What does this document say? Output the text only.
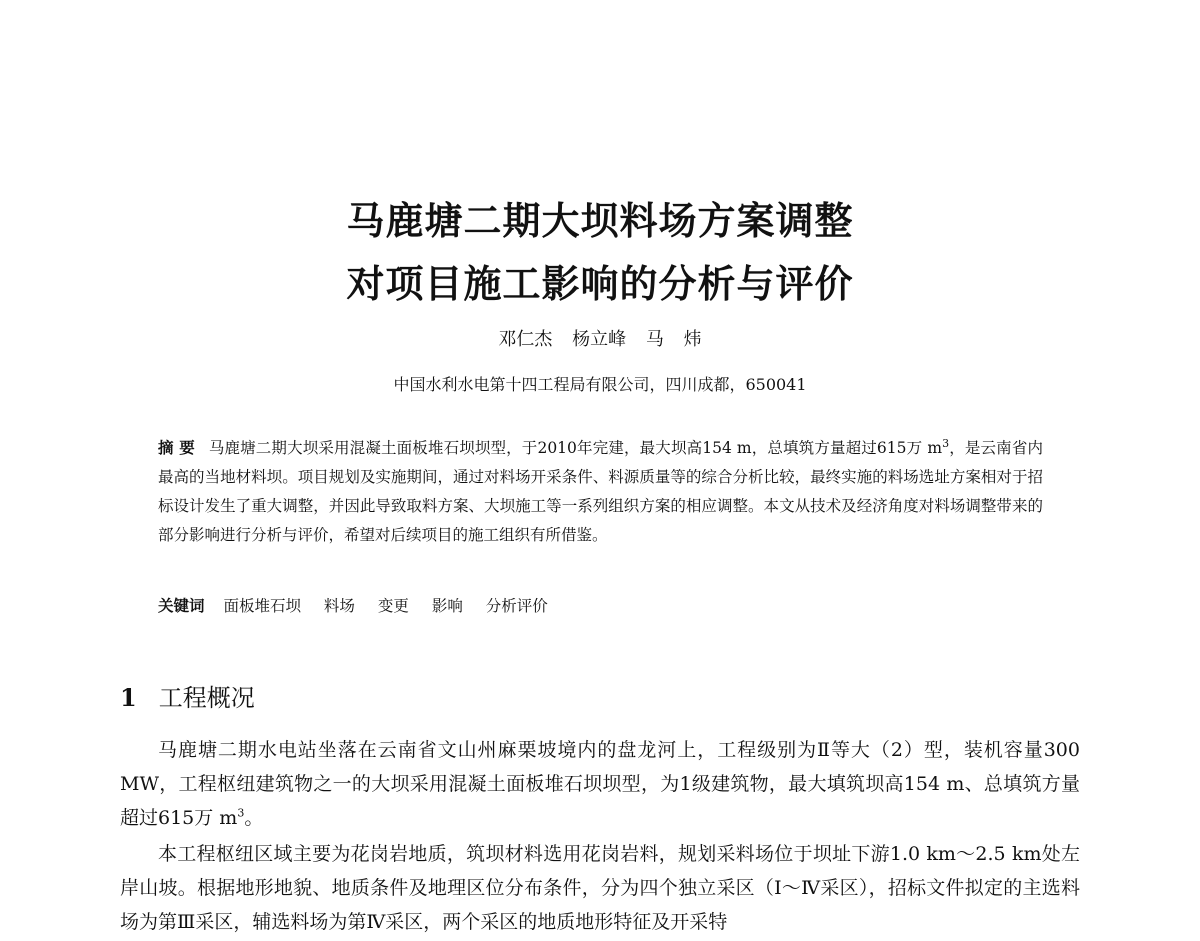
马鹿塘二期大坝料场方案调整
对项目施工影响的分析与评价
邓仁杰 杨立峰 马 炜
中国水利水电第十四工程局有限公司，四川成都，650041
摘 要 马鹿塘二期大坝采用混凝土面板堆石坝坝型，于2010年完建，最大坝高154 m，总填筑方量超过615万 $m^3$，是云南省内最高的当地材料坝。项目规划及实施期间，通过对料场开采条件、料源质量等的综合分析比较，最终实施的料场选址方案相对于招标设计发生了重大调整，并因此导致取料方案、大坝施工等一系列组织方案的相应调整。本文从技术及经济角度对料场调整带来的部分影响进行分析与评价，希望对后续项目的施工组织有所借鉴。
关键词 面板堆石坝 料场 变更 影响 分析评价
1 工程概况

马鹿塘二期水电站坐落在云南省文山州麻栗坡境内的盘龙河上，工程级别为Ⅱ等大（2）型，装机容量300 MW，工程枢纽建筑物之一的大坝采用混凝土面板堆石坝坝型，为1级建筑物，最大填筑坝高154 m、总填筑方量超过615万 $m^3$。

本工程枢纽区域主要为花岗岩地质，筑坝材料选用花岗岩料，规划采料场位于坝址下游1.0 km～2.5 km处左岸山坡。根据地形地貌、地质条件及地理区位分布条件，分为四个独立采区（Ⅰ～Ⅳ采区），招标文件拟定的主选料场为第Ⅲ采区，辅选料场为第Ⅳ采区，两个采区的地质地形特征及开采特
